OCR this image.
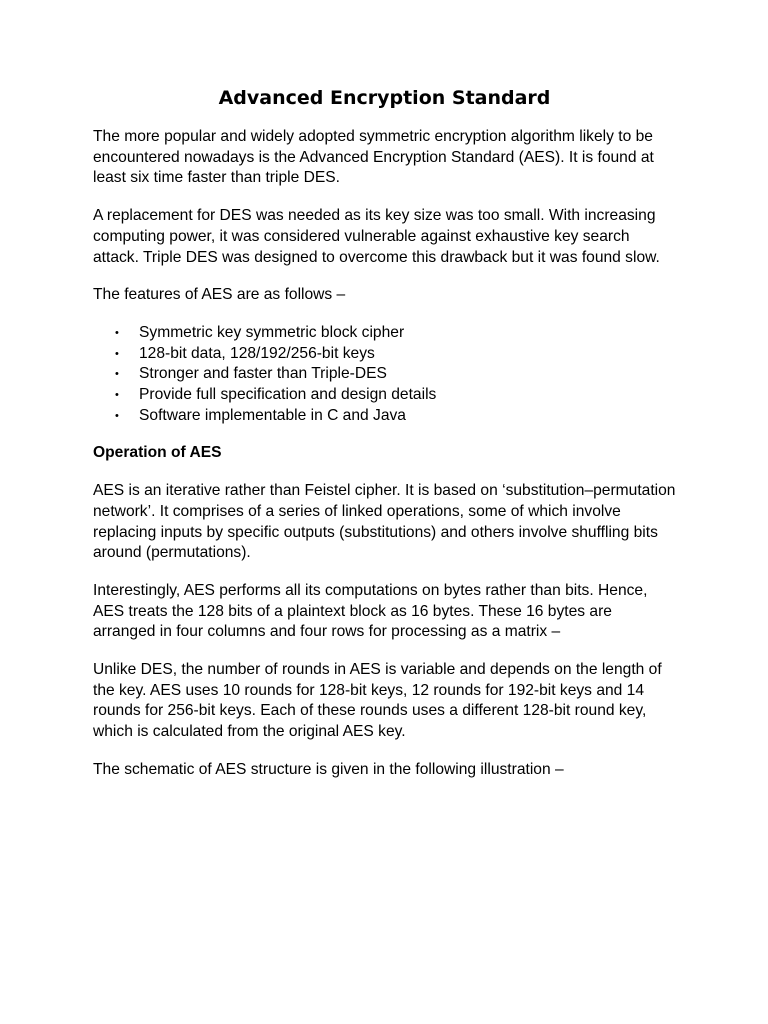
Advanced Encryption Standard

The more popular and widely adopted symmetric encryption algorithm likely to be encountered nowadays is the Advanced Encryption Standard (AES). It is found at least six time faster than triple DES.

A replacement for DES was needed as its key size was too small. With increasing computing power, it was considered vulnerable against exhaustive key search attack. Triple DES was designed to overcome this drawback but it was found slow.

The features of AES are as follows –

• Symmetric key symmetric block cipher
• 128-bit data, 128/192/256-bit keys
• Stronger and faster than Triple-DES
• Provide full specification and design details
• Software implementable in C and Java

Operation of AES

AES is an iterative rather than Feistel cipher. It is based on ‘substitution–permutation network’. It comprises of a series of linked operations, some of which involve replacing inputs by specific outputs (substitutions) and others involve shuffling bits around (permutations).

Interestingly, AES performs all its computations on bytes rather than bits. Hence, AES treats the 128 bits of a plaintext block as 16 bytes. These 16 bytes are arranged in four columns and four rows for processing as a matrix –

Unlike DES, the number of rounds in AES is variable and depends on the length of the key. AES uses 10 rounds for 128-bit keys, 12 rounds for 192-bit keys and 14 rounds for 256-bit keys. Each of these rounds uses a different 128-bit round key, which is calculated from the original AES key.

The schematic of AES structure is given in the following illustration –
